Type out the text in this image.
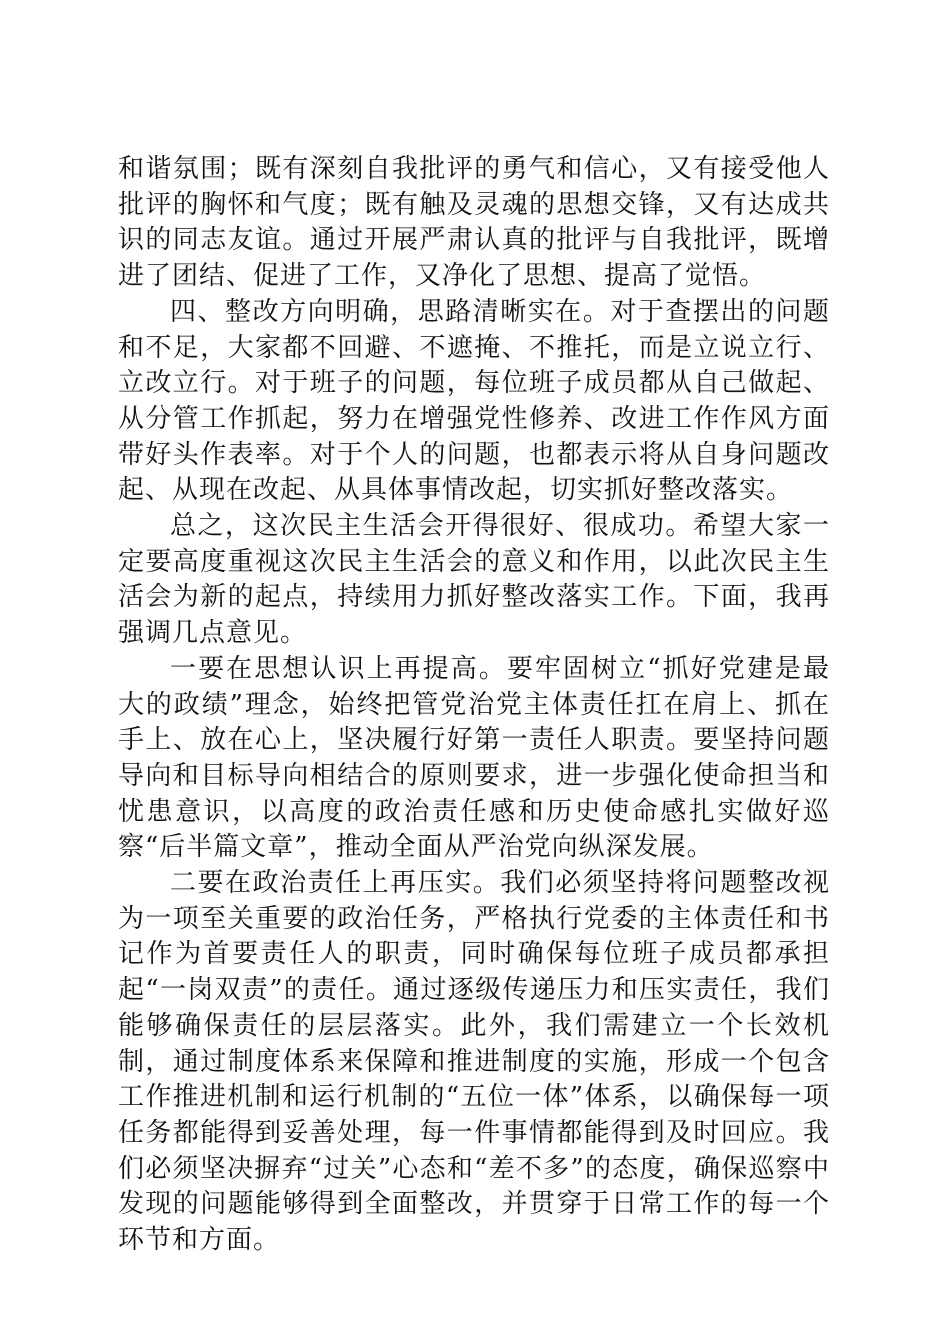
和谐氛围；既有深刻自我批评的勇气和信心，又有接受他人批评的胸怀和气度；既有触及灵魂的思想交锋，又有达成共识的同志友谊。通过开展严肃认真的批评与自我批评，既增进了团结、促进了工作，又净化了思想、提高了觉悟。

四、整改方向明确，思路清晰实在。对于查摆出的问题和不足，大家都不回避、不遮掩、不推托，而是立说立行、立改立行。对于班子的问题，每位班子成员都从自己做起、从分管工作抓起，努力在增强党性修养、改进工作作风方面带好头作表率。对于个人的问题，也都表示将从自身问题改起、从现在改起、从具体事情改起，切实抓好整改落实。

总之，这次民主生活会开得很好、很成功。希望大家一定要高度重视这次民主生活会的意义和作用，以此次民主生活会为新的起点，持续用力抓好整改落实工作。下面，我再强调几点意见。

一要在思想认识上再提高。要牢固树立“抓好党建是最大的政绩”理念，始终把管党治党主体责任扛在肩上、抓在手上、放在心上，坚决履行好第一责任人职责。要坚持问题导向和目标导向相结合的原则要求，进一步强化使命担当和忧患意识，以高度的政治责任感和历史使命感扎实做好巡察“后半篇文章”，推动全面从严治党向纵深发展。

二要在政治责任上再压实。我们必须坚持将问题整改视为一项至关重要的政治任务，严格执行党委的主体责任和书记作为首要责任人的职责，同时确保每位班子成员都承担起“一岗双责”的责任。通过逐级传递压力和压实责任，我们能够确保责任的层层落实。此外，我们需建立一个长效机制，通过制度体系来保障和推进制度的实施，形成一个包含工作推进机制和运行机制的“五位一体”体系，以确保每一项任务都能得到妥善处理，每一件事情都能得到及时回应。我们必须坚决摒弃“过关”心态和“差不多”的态度，确保巡察中发现的问题能够得到全面整改，并贯穿于日常工作的每一个环节和方面。
